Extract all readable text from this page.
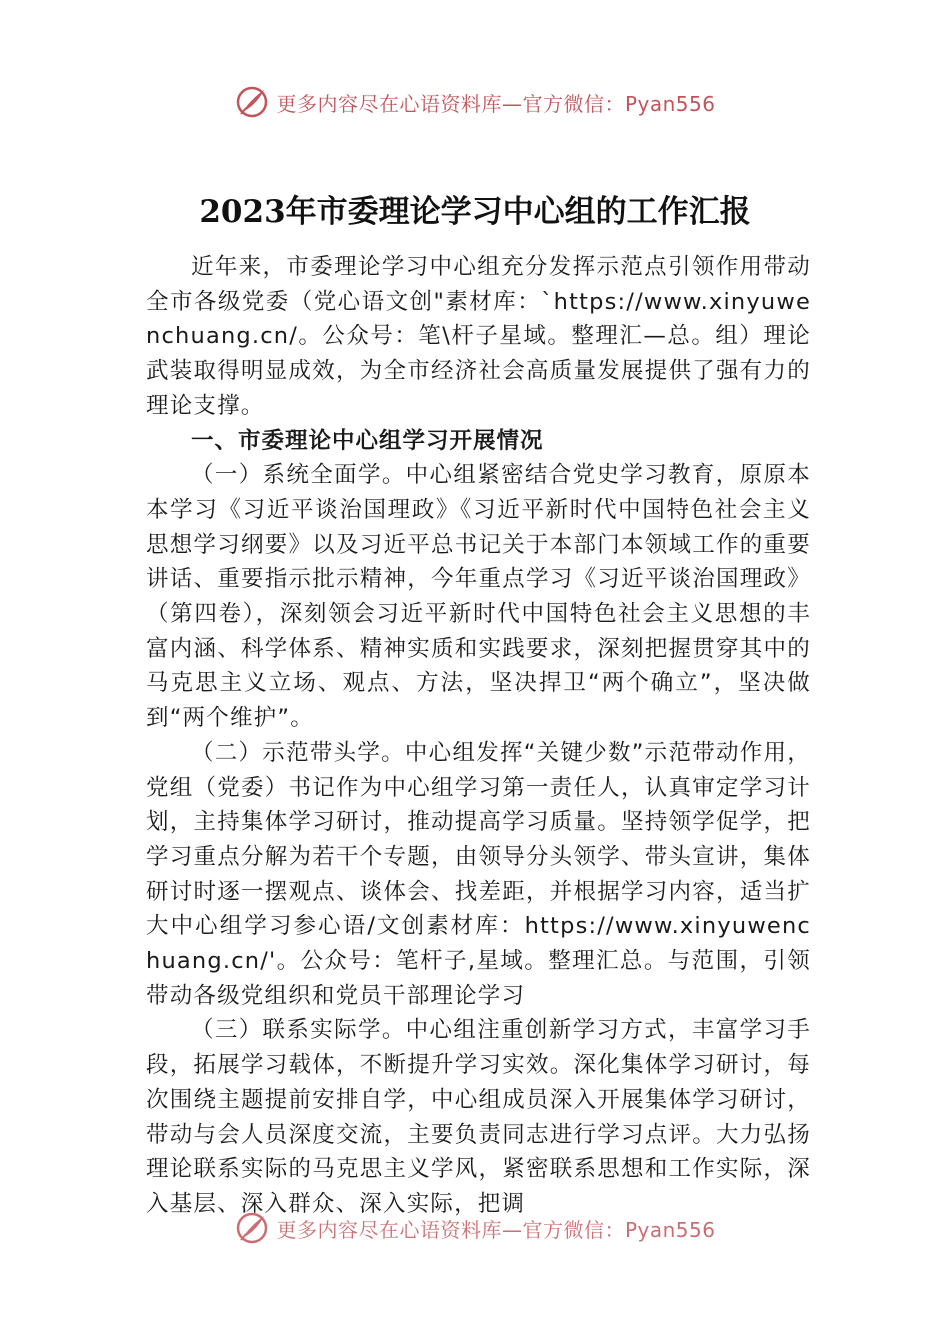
更多内容尽在心语资料库—官方微信：Pyan556
2023年市委理论学习中心组的工作汇报

近年来，市委理论学习中心组充分发挥示范点引领作用带动全市各级党委（党心语文创"素材库：`https://www.xinyuwenchuang.cn/。公众号：笔\杆子星域。整理汇—总。组）理论武装取得明显成效，为全市经济社会高质量发展提供了强有力的理论支撑。

一、市委理论中心组学习开展情况

（一）系统全面学。中心组紧密结合党史学习教育，原原本本学习《习近平谈治国理政》《习近平新时代中国特色社会主义思想学习纲要》以及习近平总书记关于本部门本领域工作的重要讲话、重要指示批示精神，今年重点学习《习近平谈治国理政》（第四卷），深刻领会习近平新时代中国特色社会主义思想的丰富内涵、科学体系、精神实质和实践要求，深刻把握贯穿其中的马克思主义立场、观点、方法，坚决捍卫“两个确立”，坚决做到“两个维护”。

（二）示范带头学。中心组发挥“关键少数”示范带动作用，党组（党委）书记作为中心组学习第一责任人，认真审定学习计划，主持集体学习研讨，推动提高学习质量。坚持领学促学，把学习重点分解为若干个专题，由领导分头领学、带头宣讲，集体研讨时逐一摆观点、谈体会、找差距，并根据学习内容，适当扩大中心组学习参心语/文创素材库：https://www.xinyuwenchuang.cn/'。公众号：笔杆子,星域。整理汇总。与范围，引领带动各级党组织和党员干部理论学习

（三）联系实际学。中心组注重创新学习方式，丰富学习手段，拓展学习载体，不断提升学习实效。深化集体学习研讨，每次围绕主题提前安排自学，中心组成员深入开展集体学习研讨，带动与会人员深度交流，主要负责同志进行学习点评。大力弘扬理论联系实际的马克思主义学风，紧密联系思想和工作实际，深入基层、深入群众、深入实际，把调

更多内容尽在心语资料库—官方微信：Pyan556
